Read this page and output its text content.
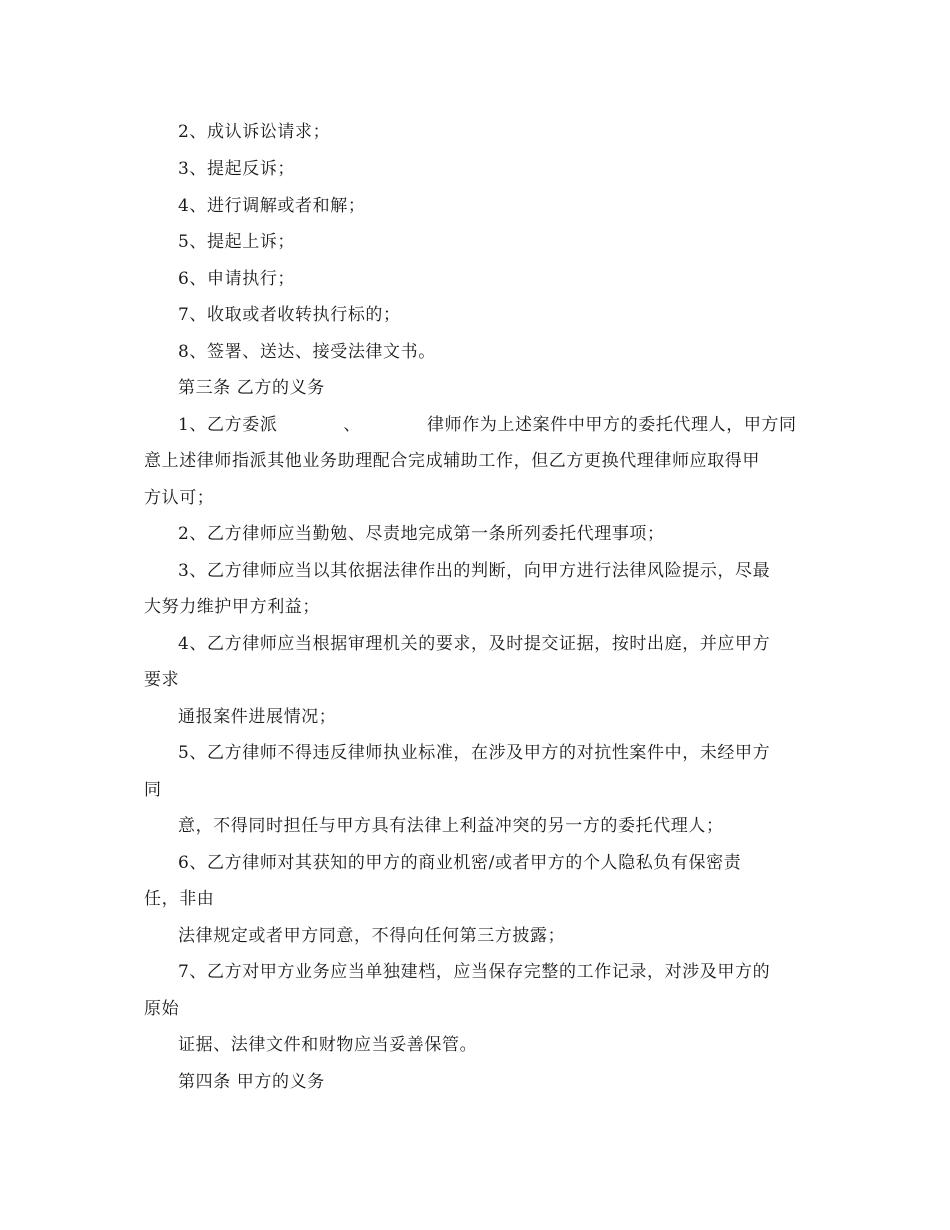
2、成认诉讼请求；
3、提起反诉；
4、进行调解或者和解；
5、提起上诉；
6、申请执行；
7、收取或者收转执行标的；
8、签署、送达、接受法律文书。
第三条 乙方的义务
1、乙方委派	、	律师作为上述案件中甲方的委托代理人，甲方同
意上述律师指派其他业务助理配合完成辅助工作，但乙方更换代理律师应取得甲
方认可；
2、乙方律师应当勤勉、尽责地完成第一条所列委托代理事项；
3、乙方律师应当以其依据法律作出的判断，向甲方进行法律风险提示，尽最
大努力维护甲方利益；
4、乙方律师应当根据审理机关的要求，及时提交证据，按时出庭，并应甲方
要求
通报案件进展情况；
5、乙方律师不得违反律师执业标准，在涉及甲方的对抗性案件中，未经甲方
同
意，不得同时担任与甲方具有法律上利益冲突的另一方的委托代理人；
6、乙方律师对其获知的甲方的商业机密/或者甲方的个人隐私负有保密责
任，非由
法律规定或者甲方同意，不得向任何第三方披露；
7、乙方对甲方业务应当单独建档，应当保存完整的工作记录，对涉及甲方的
原始
证据、法律文件和财物应当妥善保管。
第四条 甲方的义务
